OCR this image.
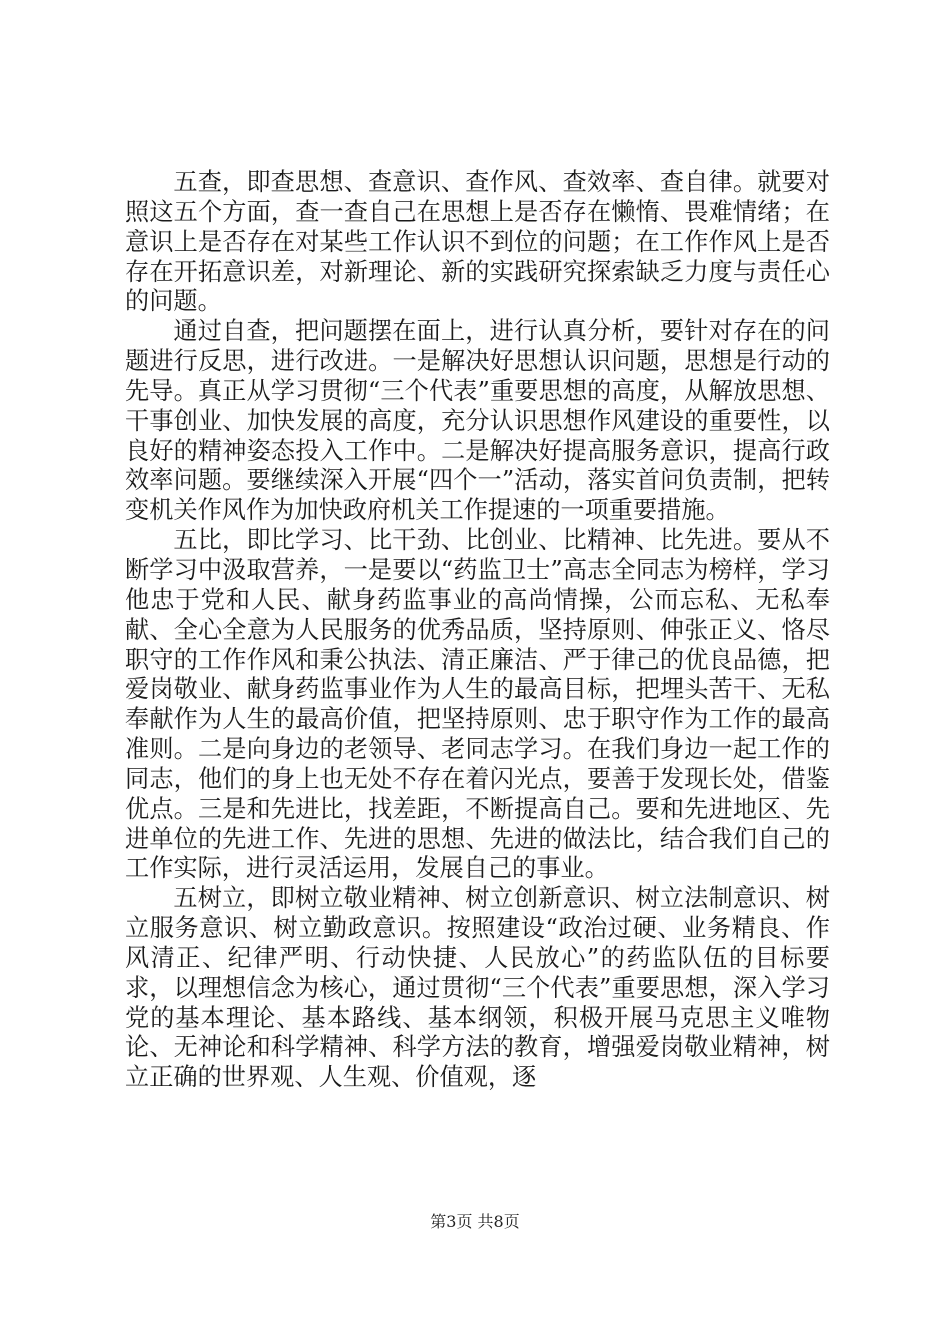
五查，即查思想、查意识、查作风、查效率、查自律。就要对照这五个方面，查一查自己在思想上是否存在懒惰、畏难情绪；在意识上是否存在对某些工作认识不到位的问题；在工作作风上是否存在开拓意识差，对新理论、新的实践研究探索缺乏力度与责任心的问题。

通过自查，把问题摆在面上，进行认真分析，要针对存在的问题进行反思，进行改进。一是解决好思想认识问题，思想是行动的先导。真正从学习贯彻“三个代表”重要思想的高度，从解放思想、干事创业、加快发展的高度，充分认识思想作风建设的重要性，以良好的精神姿态投入工作中。二是解决好提高服务意识，提高行政效率问题。要继续深入开展“四个一”活动，落实首问负责制，把转变机关作风作为加快政府机关工作提速的一项重要措施。

五比，即比学习、比干劲、比创业、比精神、比先进。要从不断学习中汲取营养，一是要以“药监卫士”高志全同志为榜样，学习他忠于党和人民、献身药监事业的高尚情操，公而忘私、无私奉献、全心全意为人民服务的优秀品质，坚持原则、伸张正义、恪尽职守的工作作风和秉公执法、清正廉洁、严于律己的优良品德，把爱岗敬业、献身药监事业作为人生的最高目标，把埋头苦干、无私奉献作为人生的最高价值，把坚持原则、忠于职守作为工作的最高准则。二是向身边的老领导、老同志学习。在我们身边一起工作的同志，他们的身上也无处不存在着闪光点，要善于发现长处，借鉴优点。三是和先进比，找差距，不断提高自己。要和先进地区、先进单位的先进工作、先进的思想、先进的做法比，结合我们自己的工作实际，进行灵活运用，发展自己的事业。

五树立，即树立敬业精神、树立创新意识、树立法制意识、树立服务意识、树立勤政意识。按照建设“政治过硬、业务精良、作风清正、纪律严明、行动快捷、人民放心”的药监队伍的目标要求，以理想信念为核心，通过贯彻“三个代表”重要思想，深入学习党的基本理论、基本路线、基本纲领，积极开展马克思主义唯物论、无神论和科学精神、科学方法的教育，增强爱岗敬业精神，树立正确的世界观、人生观、价值观，逐

第3页 共8页
